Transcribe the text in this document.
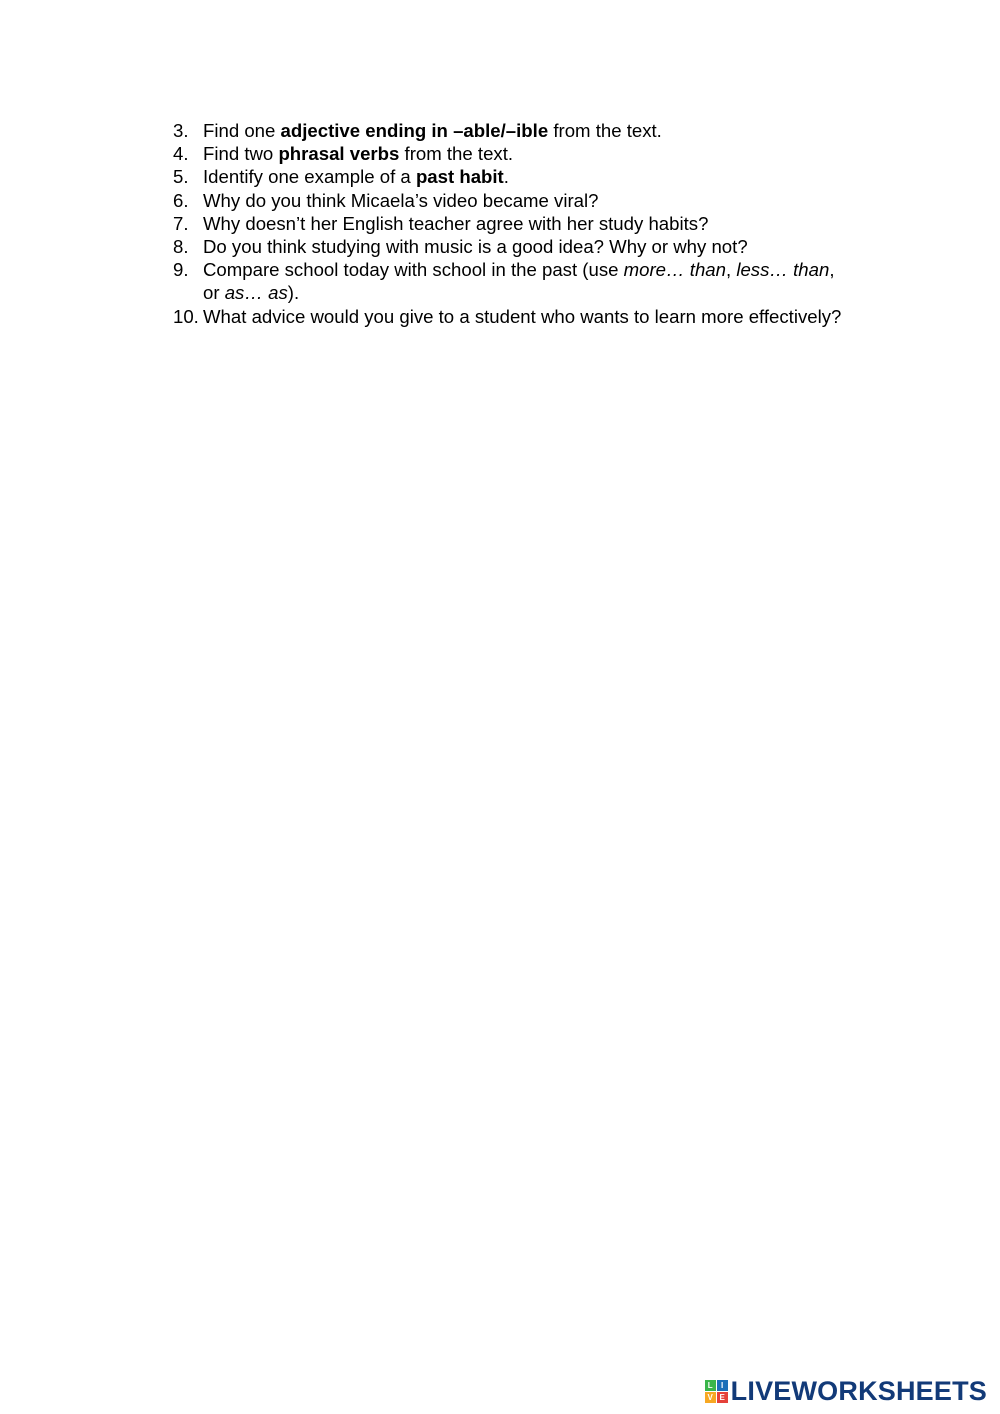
3. Find one adjective ending in –able/–ible from the text.
4. Find two phrasal verbs from the text.
5. Identify one example of a past habit.
6. Why do you think Micaela’s video became viral?
7. Why doesn’t her English teacher agree with her study habits?
8. Do you think studying with music is a good idea? Why or why not?
9. Compare school today with school in the past (use more… than, less… than, or as… as).
10. What advice would you give to a student who wants to learn more effectively?
L	I
V E LIVEWORKSHEETS
